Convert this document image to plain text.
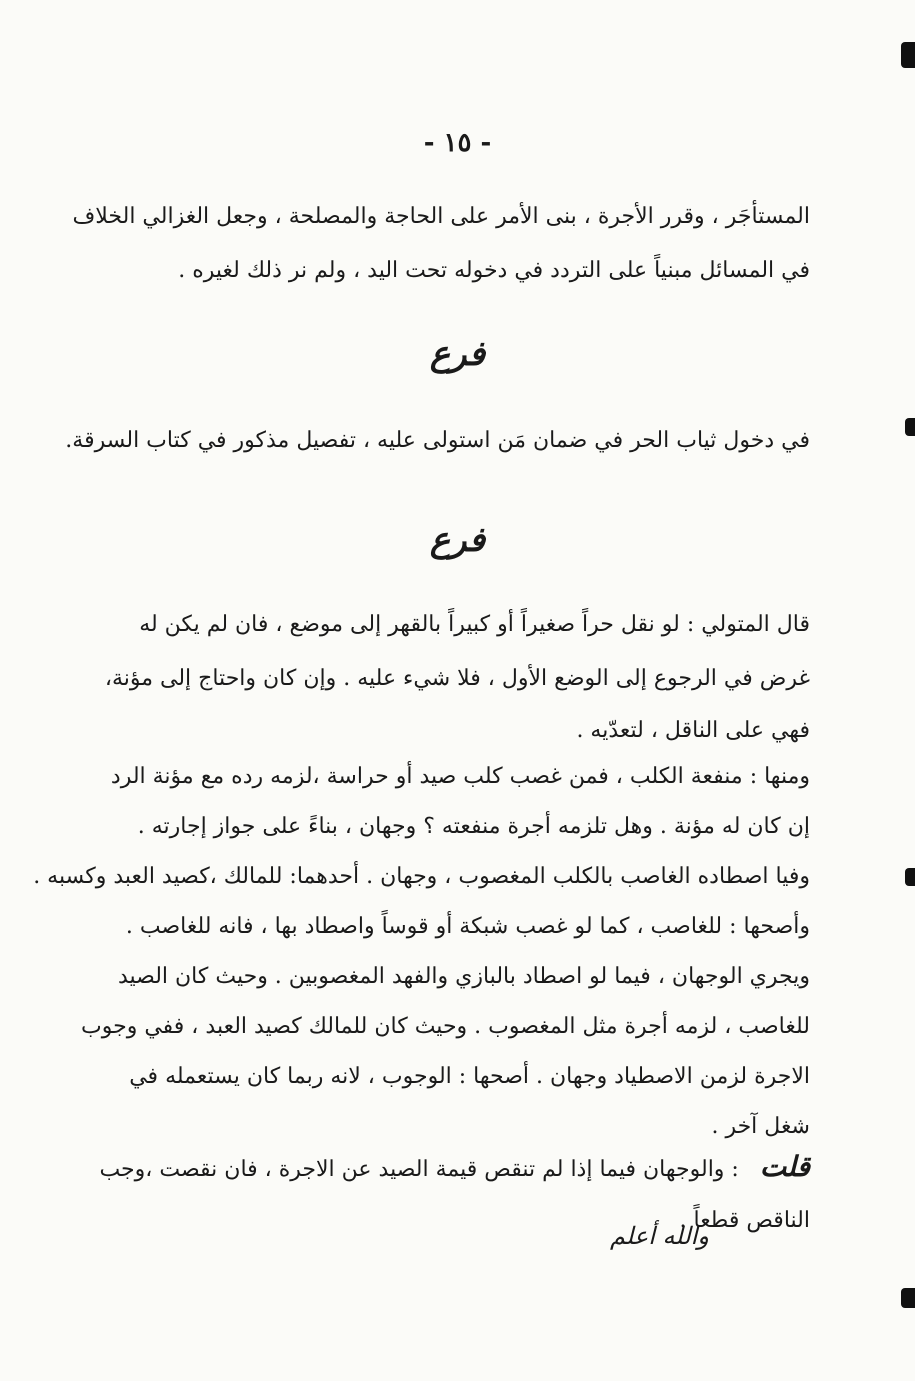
- ١٥ -
المستأجَر ، وقرر الأجرة ، بنى الأمر على الحاجة والمصلحة ، وجعل الغزالي الخلاف
في المسائل مبنياً على التردد في دخوله تحت اليد ، ولم نر ذلك لغيره .
فرع
في دخول ثياب الحر في ضمان مَن استولى عليه ، تفصيل مذكور في كتاب السرقة.
فرع
قال المتولي : لو نقل حراً صغيراً أو كبيراً بالقهر إلى موضع ، فان لم يكن له
غرض في الرجوع إلى الوضع الأول ، فلا شيء عليه . وإن كان واحتاج إلى مؤنة،
فهي على الناقل ، لتعدّيه .
ومنها : منفعة الكلب ، فمن غصب كلب صيد أو حراسة ،لزمه رده مع مؤنة الرد
إن كان له مؤنة . وهل تلزمه أجرة منفعته ؟ وجهان ، بناءً على جواز إجارته .
وفيا اصطاده الغاصب بالكلب المغصوب ، وجهان . أحدهما: للمالك ،كصيد العبد وكسبه .
وأصحها : للغاصب ، كما لو غصب شبكة أو قوساً واصطاد بها ، فانه للغاصب .
ويجري الوجهان ، فيما لو اصطاد بالبازي والفهد المغصوبين . وحيث كان الصيد
للغاصب ، لزمه أجرة مثل المغصوب . وحيث كان للمالك كصيد العبد ، ففي وجوب
الاجرة لزمن الاصطياد وجهان . أصحها : الوجوب ، لانه ربما كان يستعمله في
شغل آخر .
قلت : والوجهان فيما إذا لم تنقص قيمة الصيد عن الاجرة ، فان نقصت ،وجب
الناقص قطعاً .
والله أعلم
